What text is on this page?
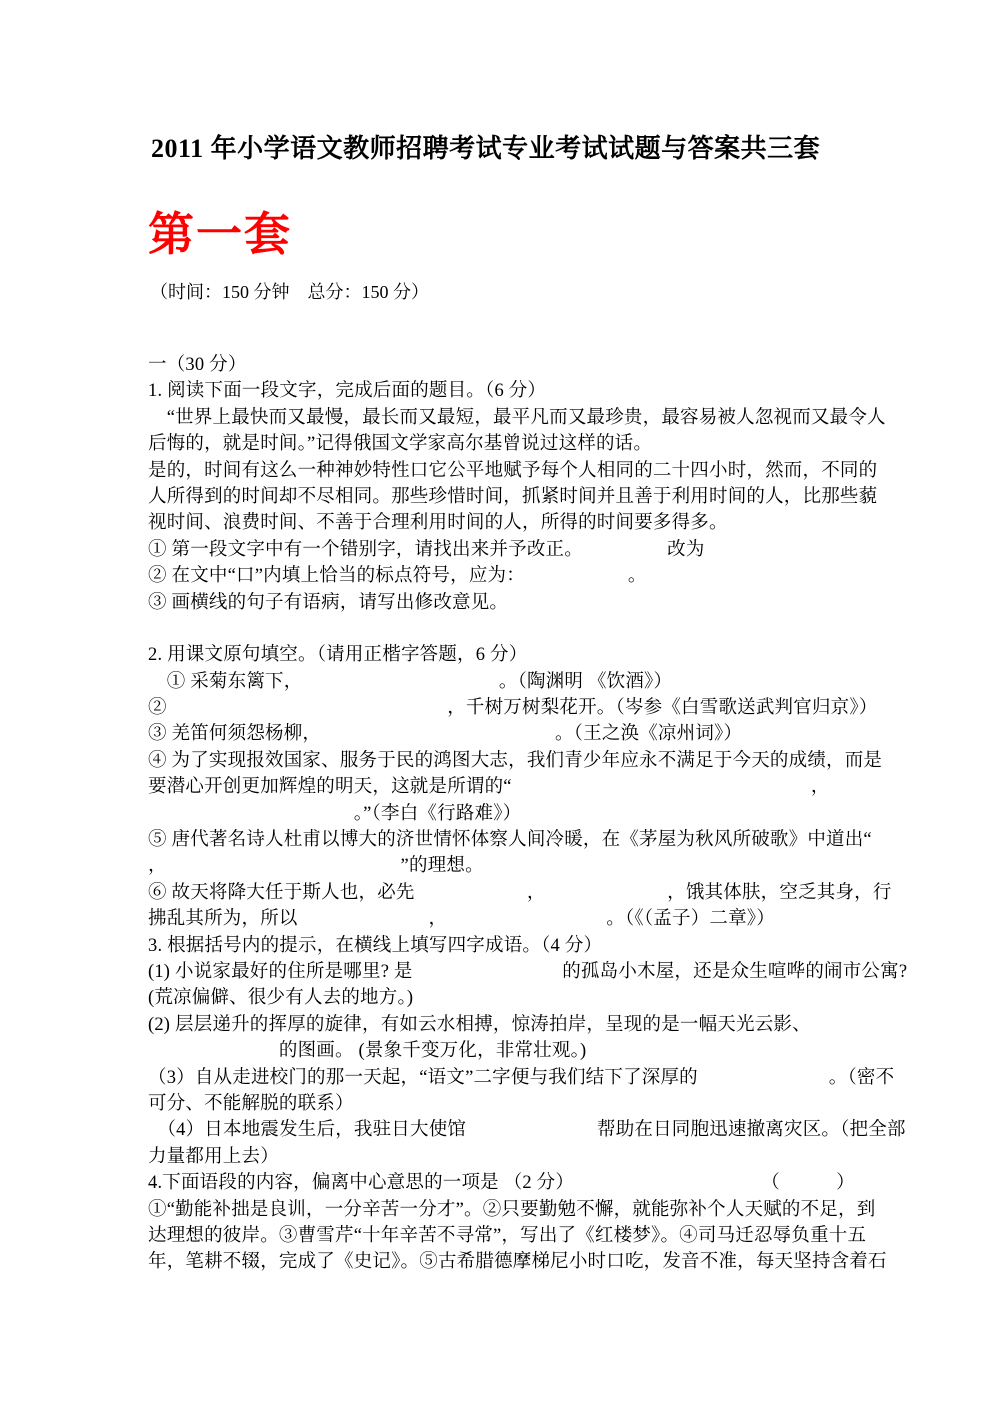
2011 年小学语文教师招聘考试专业考试试题与答案共三套
第一套
（时间：150 分钟　总分：150 分）
一（30 分）
1. 阅读下面一段文字，完成后面的题目。（6 分）
　“世界上最快而又最慢，最长而又最短，最平凡而又最珍贵，最容易被人忽视而又最令人
后悔的，就是时间。”记得俄国文学家高尔基曾说过这样的话。
是的，时间有这么一种神妙特性口它公平地赋予每个人相同的二十四小时，然而，不同的
人所得到的时间却不尽相同。那些珍惜时间，抓紧时间并且善于利用时间的人，比那些藐
视时间、浪费时间、不善于合理利用时间的人，所得的时间要多得多。
① 第一段文字中有一个错别字，请找出来并予改正。　　　　　改为
② 在文中“口”内填上恰当的标点符号，应为：　　　　　　。
③ 画横线的句子有语病，请写出修改意见。

2. 用课文原句填空。（请用正楷字答题，6 分）
　① 采菊东篱下，　　　　　　　　　　　。（陶渊明 《饮酒》）
②　　　　　　　　　　　　　　　，千树万树梨花开。（岑参《白雪歌送武判官归京》）
③ 羌笛何须怨杨柳，　　　　　　　　　　　　　。（王之涣《凉州词》）
④ 为了实现报效国家、服务于民的鸿图大志，我们青少年应永不满足于今天的成绩，而是
要潜心开创更加辉煌的明天，这就是所谓的“　　　　　　　　　　　　　　　　，
　　　　　　　　　　　。”（李白《行路难》）
⑤ 唐代著名诗人杜甫以博大的济世情怀体察人间冷暖，在《茅屋为秋风所破歌》中道出“
，　　　　　　　　　　　　　”的理想。
⑥ 故天将降大任于斯人也，必先　　　　　　，　　　　　　　，饿其体肤，空乏其身，行
拂乱其所为，所以　　　　　　　，　　　　　　　　　。（《（孟子）二章》）
3. 根据括号内的提示，在横线上填写四字成语。（4 分）
(1) 小说家最好的住所是哪里? 是　　　　　　　　的孤岛小木屋，还是众生喧哗的闹市公寓?
(荒凉偏僻、很少有人去的地方。)
(2) 层层递升的挥厚的旋律，有如云水相搏，惊涛拍岸，呈现的是一幅天光云影、
　　　　　　　的图画。 (景象千变万化，非常壮观。)
（3）自从走进校门的那一天起，“语文”二字便与我们结下了深厚的　　　　　　　。（密不
可分、不能解脱的联系）
　（4）日本地震发生后，我驻日大使馆　　　　　　　帮助在日同胞迅速撤离灾区。（把全部
力量都用上去）
4.下面语段的内容，偏离中心意思的一项是 （2 分）　　　　　　　　　　　（　　　）
①“勤能补拙是良训，一分辛苦一分才”。②只要勤勉不懈，就能弥补个人天赋的不足，到
达理想的彼岸。③曹雪芹“十年辛苦不寻常”，写出了《红楼梦》。④司马迁忍辱负重十五
年，笔耕不辍，完成了《史记》。⑤古希腊德摩梯尼小时口吃，发音不准，每天坚持含着石
